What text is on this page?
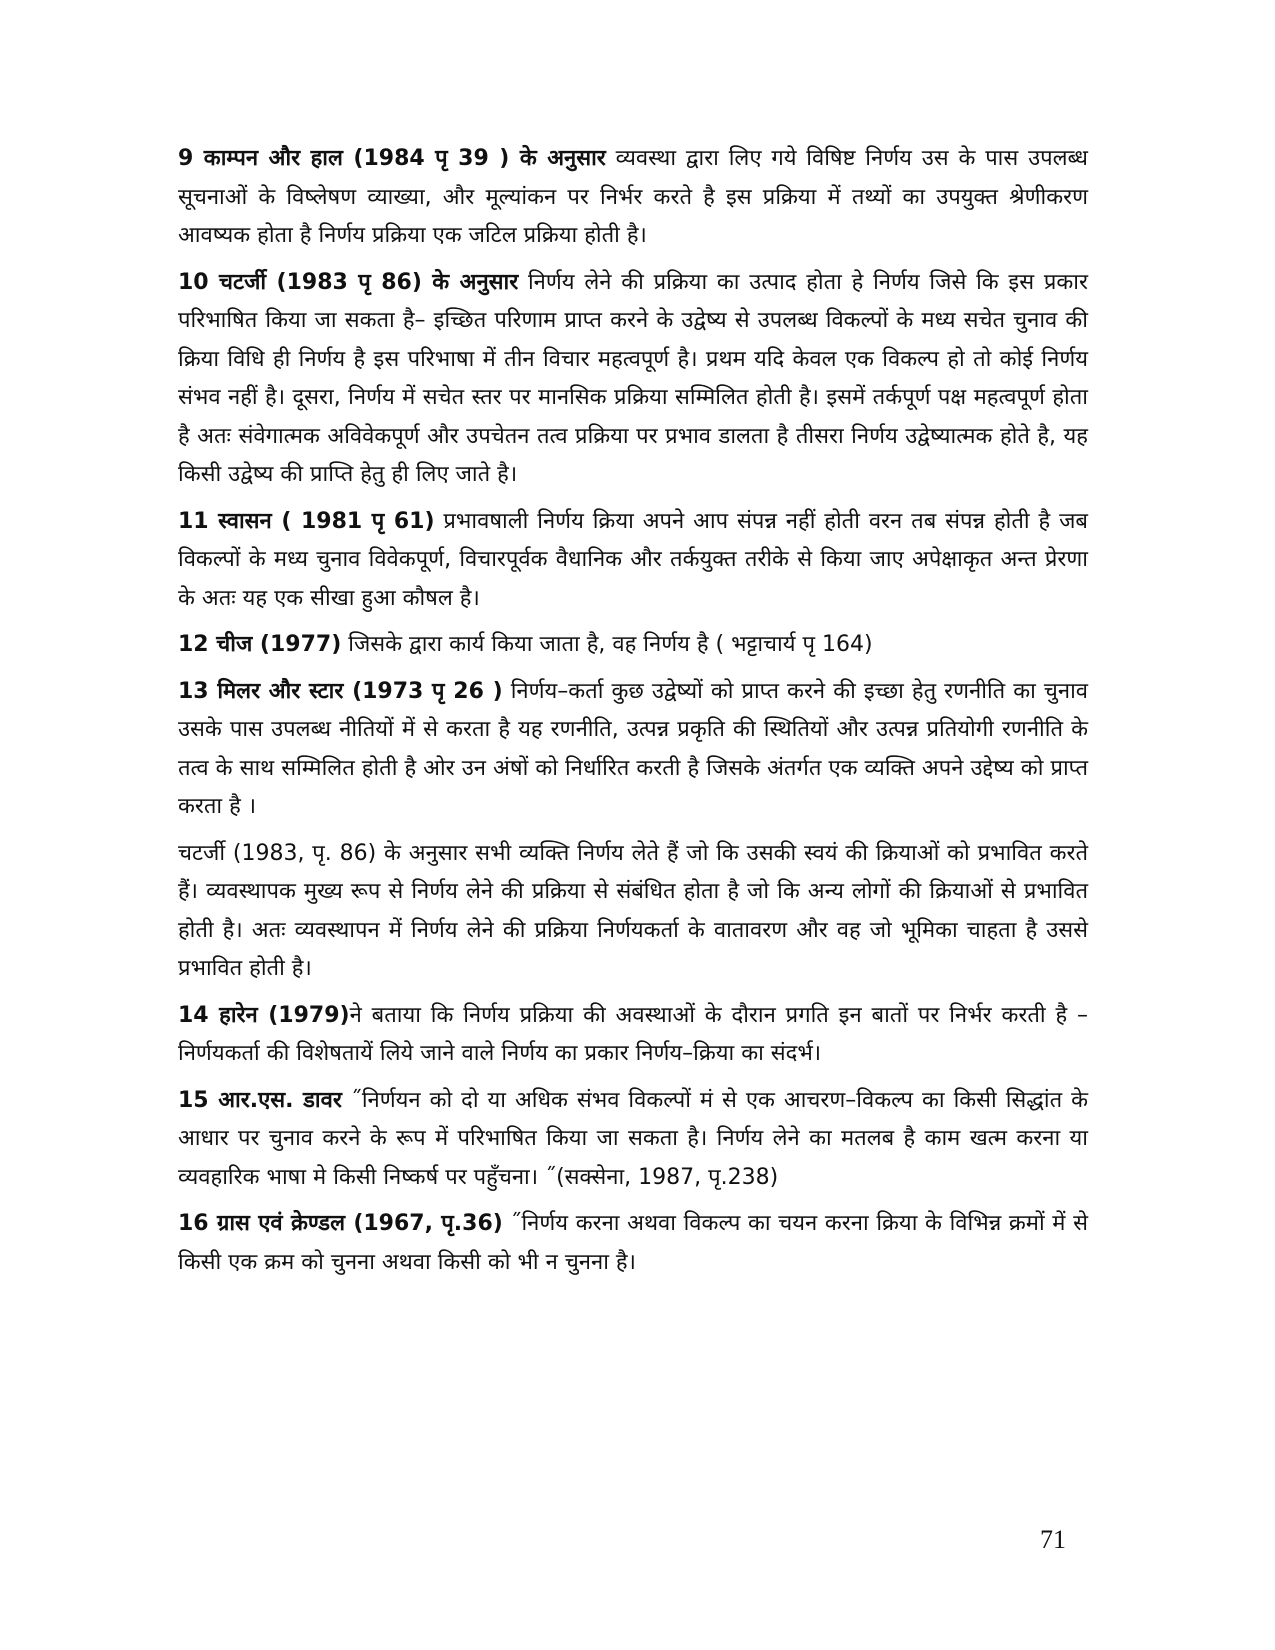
9 काम्पन और हाल (1984 पृ 39 ) के अनुसार व्यवस्था द्वारा लिए गये विषिष्ट निर्णय उस के पास उपलब्ध सूचनाओं के विष्लेषण व्याख्या, और मूल्यांकन पर निर्भर करते है इस प्रक्रिया में तथ्यों का उपयुक्त श्रेणीकरण आवष्यक होता है निर्णय प्रक्रिया एक जटिल प्रक्रिया होती है।

10 चटर्जी (1983 पृ 86) के अनुसार निर्णय लेने की प्रक्रिया का उत्पाद होता हे निर्णय जिसे कि इस प्रकार परिभाषित किया जा सकता है– इच्छित परिणाम प्राप्त करने के उद्वेष्य से उपलब्ध विकल्पों के मध्य सचेत चुनाव की क्रिया विधि ही निर्णय है इस परिभाषा में तीन विचार महत्वपूर्ण है। प्रथम यदि केवल एक विकल्प हो तो कोई निर्णय संभव नहीं है। दूसरा, निर्णय में सचेत स्तर पर मानसिक प्रक्रिया सम्मिलित होती है। इसमें तर्कपूर्ण पक्ष महत्वपूर्ण होता है अतः संवेगात्मक अविवेकपूर्ण और उपचेतन तत्व प्रक्रिया पर प्रभाव डालता है तीसरा निर्णय उद्वेष्यात्मक होते है, यह किसी उद्वेष्य की प्राप्ति हेतु ही लिए जाते है।

11 स्वासन ( 1981 पृ 61) प्रभावषाली निर्णय क्रिया अपने आप संपन्न नहीं होती वरन तब संपन्न होती है जब विकल्पों के मध्य चुनाव विवेकपूर्ण, विचारपूर्वक वैधानिक और तर्कयुक्त तरीके से किया जाए अपेक्षाकृत अन्त प्रेरणा के अतः यह एक सीखा हुआ कौषल है।

12 चीज (1977) जिसके द्वारा कार्य किया जाता है, वह निर्णय है ( भट्टाचार्य पृ 164)

13 मिलर और स्टार (1973 पृ 26 ) निर्णय–कर्ता कुछ उद्वेष्यों को प्राप्त करने की इच्छा हेतु रणनीति का चुनाव उसके पास उपलब्ध नीतियों में से करता है यह रणनीति, उत्पन्न प्रकृति की स्थितियों और उत्पन्न प्रतियोगी रणनीति के तत्व के साथ सम्मिलित होती है ओर उन अंषों को निर्धारित करती है जिसके अंतर्गत एक व्यक्ति अपने उद्देष्य को प्राप्त करता है ।

चटर्जी (1983, पृ. 86) के अनुसार सभी व्यक्ति निर्णय लेते हैं जो कि उसकी स्वयं की क्रियाओं को प्रभावित करते हैं। व्यवस्थापक मुख्य रूप से निर्णय लेने की प्रक्रिया से संबंधित होता है जो कि अन्य लोगों की क्रियाओं से प्रभावित होती है। अतः व्यवस्थापन में निर्णय लेने की प्रक्रिया निर्णयकर्ता के वातावरण और वह जो भूमिका चाहता है उससे प्रभावित होती है।

14 हारेन (1979)ने बताया कि निर्णय प्रक्रिया की अवस्थाओं के दौरान प्रगति इन बातों पर निर्भर करती है – निर्णयकर्ता की विशेषतायें लिये जाने वाले निर्णय का प्रकार निर्णय–क्रिया का संदर्भ।

15 आर.एस. डावर ˝निर्णयन को दो या अधिक संभव विकल्पों मं से एक आचरण–विकल्प का किसी सिद्धांत के आधार पर चुनाव करने के रूप में परिभाषित किया जा सकता है। निर्णय लेने का मतलब है काम खत्म करना या व्यवहारिक भाषा मे किसी निष्कर्ष पर पहुँचना। ˝(सक्सेना, 1987, पृ.238)

16 ग्रास एवं क्रेण्डल (1967, पृ.36) ˝निर्णय करना अथवा विकल्प का चयन करना क्रिया के विभिन्न क्रमों में से किसी एक क्रम को चुनना अथवा किसी को भी न चुनना है।

71
